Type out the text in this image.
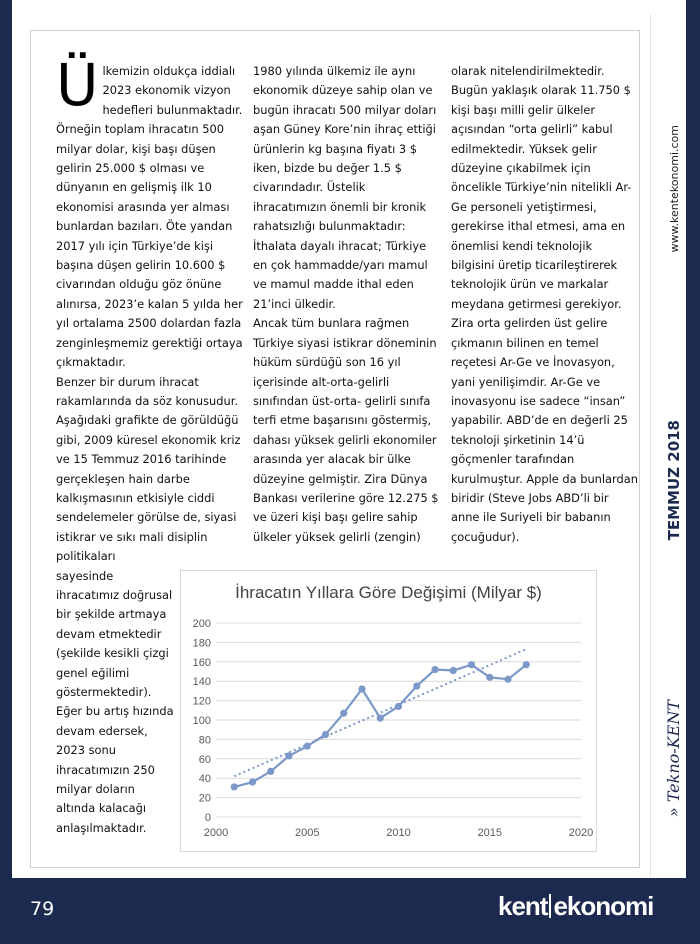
Ü lkemizin oldukça iddialı 2023 ekonomik vizyon hedefleri bulunmaktadır. Örneğin toplam ihracatın 500 milyar dolar, kişi başı düşen gelirin 25.000 $ olması ve dünyanın en gelişmiş ilk 10 ekonomisi arasında yer alması bunlardan bazıları. Öte yandan 2017 yılı için Türkiye’de kişi başına düşen gelirin 10.600 $ civarından olduğu göz önüne alınırsa, 2023’e kalan 5 yılda her yıl ortalama 2500 dolardan fazla zenginleşmemiz gerektiği ortaya çıkmaktadır.

Benzer bir durum ihracat rakamlarında da söz konusudur. Aşağıdaki grafikte de görüldüğü gibi, 2009 küresel ekonomik kriz ve 15 Temmuz 2016 tarihinde gerçekleşen hain darbe kalkışmasının etkisiyle ciddi sendelemeler görülse de, siyasi istikrar ve sıkı mali disiplin

politikaları sayesinde ihracatımız doğrusal bir şekilde artmaya devam etmektedir (şekilde kesikli çizgi genel eğilimi göstermektedir). Eğer bu artış hızında devam edersek, 2023 sonu ihracatımızın 250 milyar doların altında kalacağı anlaşılmaktadır.

1980 yılında ülkemiz ile aynı ekonomik düzeye sahip olan ve bugün ihracatı 500 milyar doları aşan Güney Kore’nin ihraç ettiği ürünlerin kg başına fiyatı 3 $ iken, bizde bu değer 1.5 $ civarındadır. Üstelik ihracatımızın önemli bir kronik rahatsızlığı bulunmaktadır: İthalata dayalı ihracat; Türkiye en çok hammadde/yarı mamul ve mamul madde ithal eden 21’inci ülkedir.

Ancak tüm bunlara rağmen Türkiye siyasi istikrar döneminin hüküm sürdüğü son 16 yıl içerisinde alt-orta-gelirli sınıfından üst-orta- gelirli sınıfa terfi etme başarısını göstermiş, dahası yüksek gelirli ekonomiler arasında yer alacak bir ülke düzeyine gelmiştir. Zira Dünya Bankası verilerine göre 12.275 $ ve üzeri kişi başı gelire sahip ülkeler yüksek gelirli (zengin)

olarak nitelendirilmektedir. Bugün yaklaşık olarak 11.750 $ kişi başı milli gelir ülkeler açısından “orta gelirli” kabul edilmektedir. Yüksek gelir düzeyine çıkabilmek için öncelikle Türkiye’nin nitelikli Ar-Ge personeli yetiştirmesi, gerekirse ithal etmesi, ama en önemlisi kendi teknolojik bilgisini üretip ticarileştirerek teknolojik ürün ve markalar meydana getirmesi gerekiyor. Zira orta gelirden üst gelire çıkmanın bilinen en temel reçetesi Ar-Ge ve İnovasyon, yani yenilişimdir. Ar-Ge ve inovasyonu ise sadece “insan” yapabilir. ABD’de en değerli 25 teknoloji şirketinin 14’ü göçmenler tarafından kurulmuştur. Apple da bunlardan biridir (Steve Jobs ABD’li bir anne ile Suriyeli bir babanın çocuğudur).

İhracatın Yıllara Göre Değişimi (Milyar $)
0
20
40
60
80
100
120
140
160
180
200
2000	2005	2010	2015	2020
www.kentekonomi.com
TEMMUZ 2018
» Tekno-KENT
79	kent ekonomi
